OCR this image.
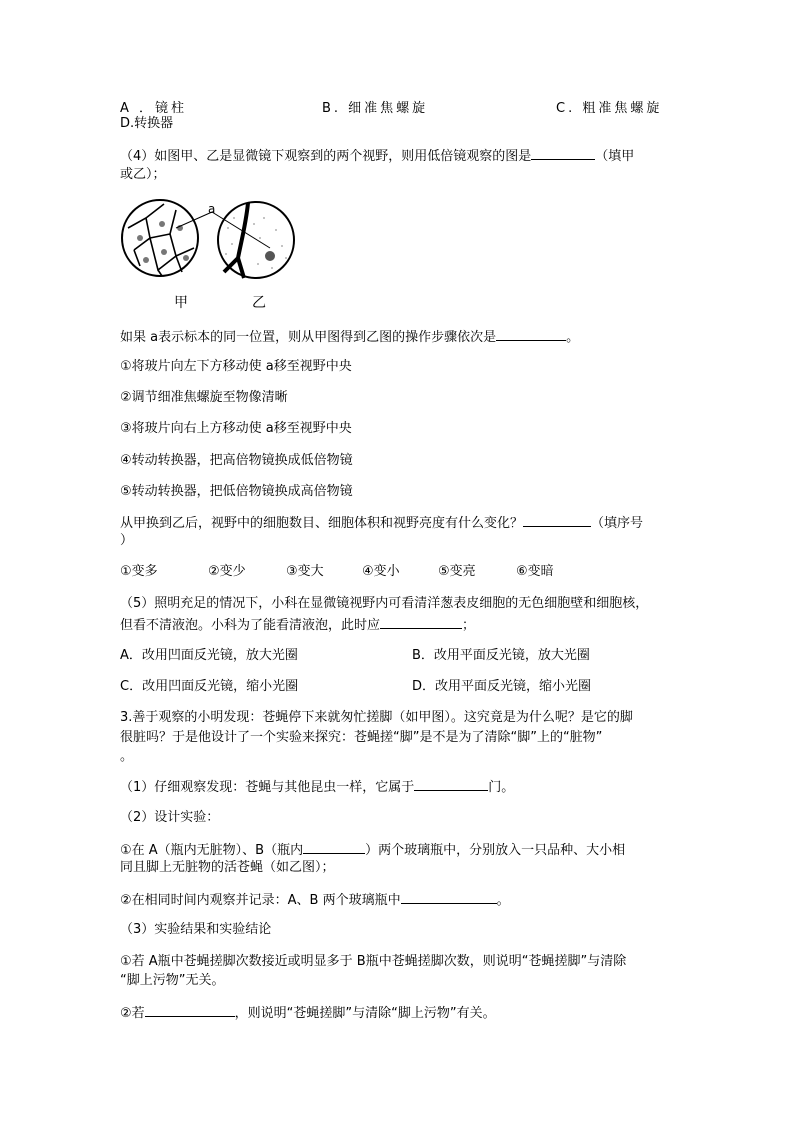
A ．镜柱	B. 细准焦螺旋	C. 粗准焦螺旋
D.转换器
（4）如图甲、乙是显微镜下观察到的两个视野，则用低倍镜观察的图是	（填甲
或乙）；
a
甲	乙
如果 a表示标本的同一位置，则从甲图得到乙图的操作步骤依次是	。
①将玻片向左下方移动使 a移至视野中央
②调节细准焦螺旋至物像清晰
③将玻片向右上方移动使 a移至视野中央
④转动转换器，把高倍物镜换成低倍物镜
⑤转动转换器，把低倍物镜换成高倍物镜
从甲换到乙后，视野中的细胞数目、细胞体积和视野亮度有什么变化？	（填序号
）
①变多	②变少	③变大	④变小	⑤变亮	⑥变暗
（5）照明充足的情况下，小科在显微镜视野内可看清洋葱表皮细胞的无色细胞壁和细胞核，
但看不清液泡。小科为了能看清液泡，此时应	；
A．改用凹面反光镜，放大光圈	B．改用平面反光镜，放大光圈
C．改用凹面反光镜，缩小光圈	D．改用平面反光镜，缩小光圈
3.善于观察的小明发现：苍蝇停下来就匆忙搓脚（如甲图）。这究竟是为什么呢？是它的脚
很脏吗？于是他设计了一个实验来探究：苍蝇搓“脚”是不是为了清除“脚”上的“脏物”
。
（1）仔细观察发现：苍蝇与其他昆虫一样，它属于	门。
（2）设计实验：
①在 A（瓶内无脏物）、B（瓶内	）两个玻璃瓶中，分别放入一只品种、大小相
同且脚上无脏物的活苍蝇（如乙图）；
②在相同时间内观察并记录：A、B 两个玻璃瓶中	。
（3）实验结果和实验结论
①若 A瓶中苍蝇搓脚次数接近或明显多于 B瓶中苍蝇搓脚次数，则说明“苍蝇搓脚”与清除
“脚上污物”无关。
②若	，则说明“苍蝇搓脚”与清除“脚上污物”有关。
